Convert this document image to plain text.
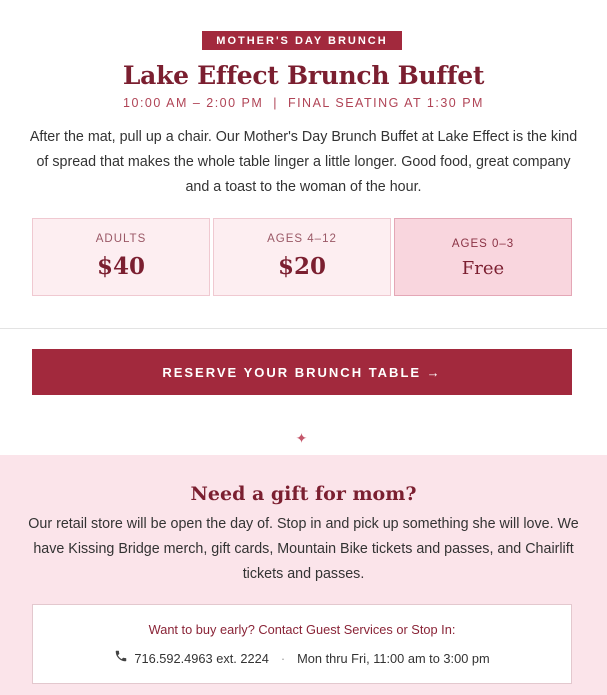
MOTHER'S DAY BRUNCH
Lake Effect Brunch Buffet
10:00 AM – 2:00 PM  |  FINAL SEATING AT 1:30 PM
After the mat, pull up a chair. Our Mother's Day Brunch Buffet at Lake Effect is the kind of spread that makes the whole table linger a little longer. Good food, great company and a toast to the woman of the hour.
ADULTS
$40
AGES 4–12
$20
AGES 0–3
Free
RESERVE YOUR BRUNCH TABLE →
✦
Need a gift for mom?
Our retail store will be open the day of. Stop in and pick up something she will love. We have Kissing Bridge merch, gift cards, Mountain Bike tickets and passes, and Chairlift tickets and passes.
Want to buy early? Contact Guest Services or Stop In:
716.592.4963 ext. 2224 · Mon thru Fri, 11:00 am to 3:00 pm
